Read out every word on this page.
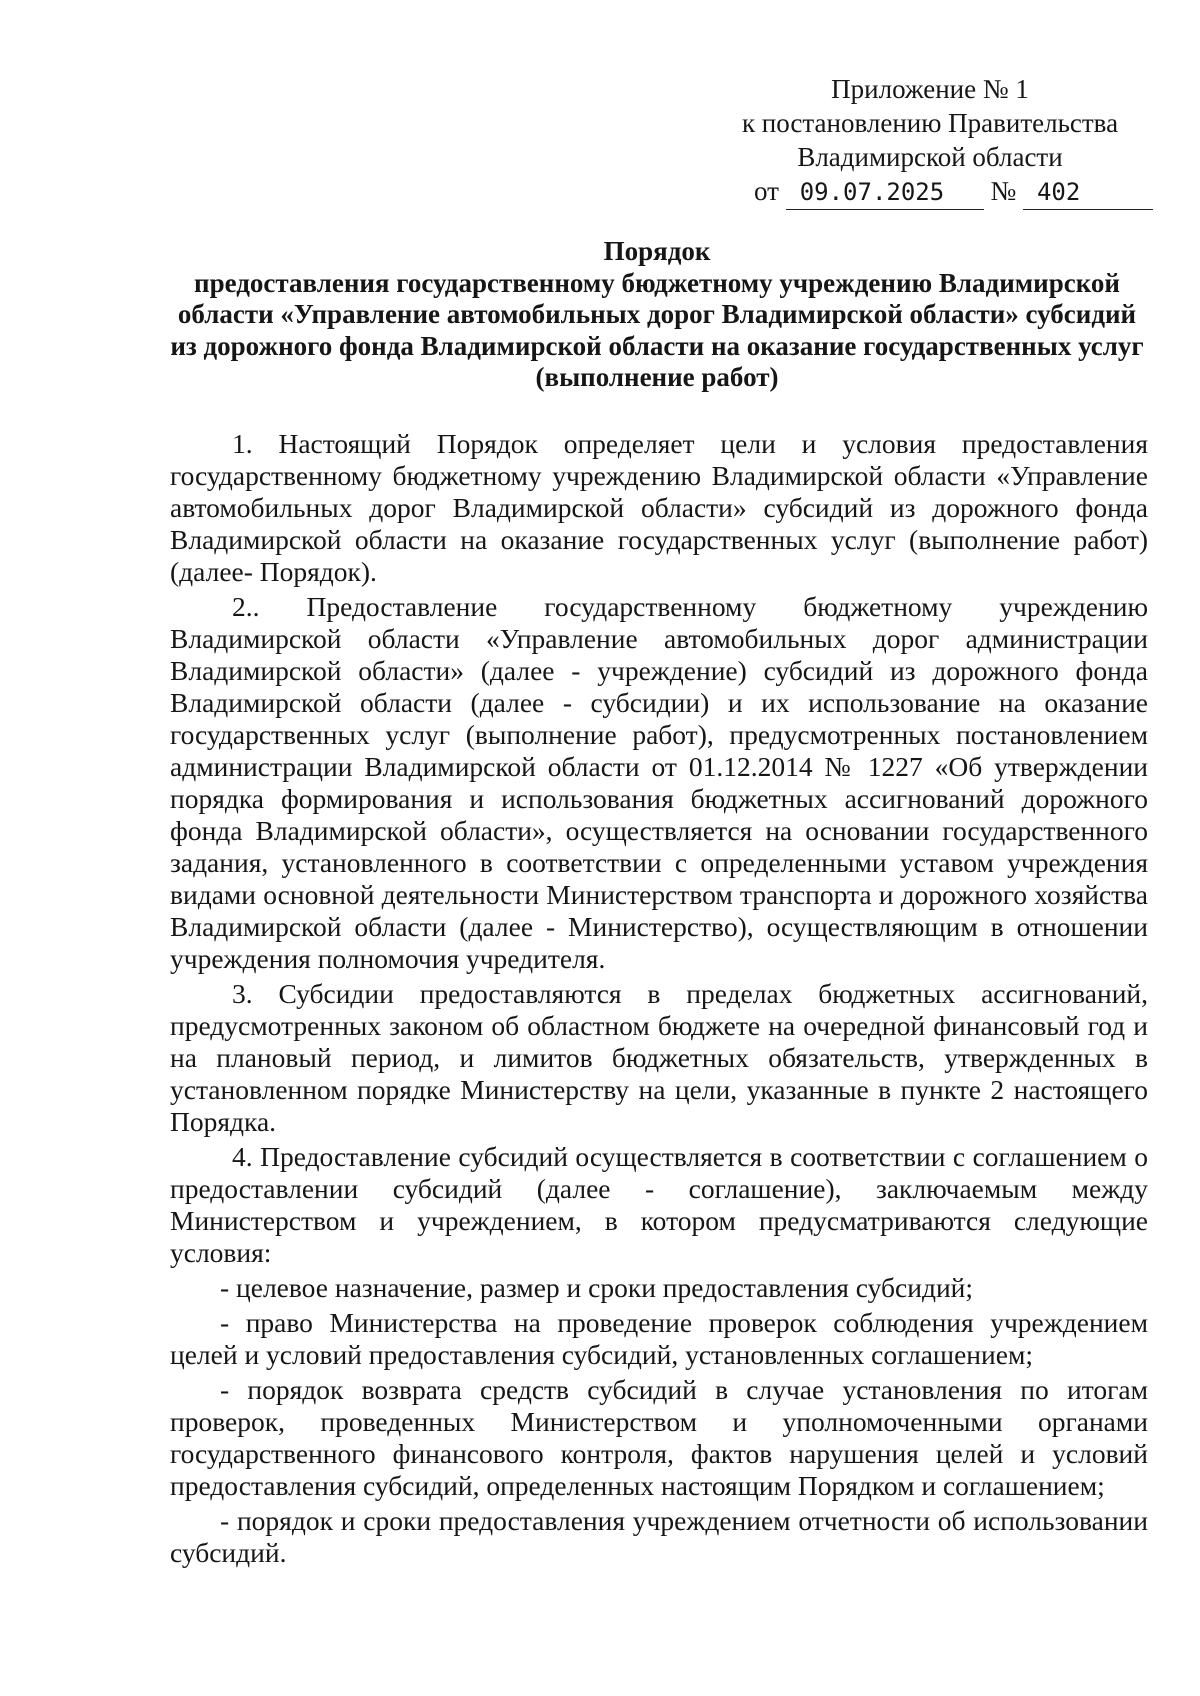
Приложение № 1
к постановлению Правительства
Владимирской области
от 09.07.2025 № 402
Порядок
предоставления государственному бюджетному учреждению Владимирской области «Управление автомобильных дорог Владимирской области» субсидий из дорожного фонда Владимирской области на оказание государственных услуг (выполнение работ)

1. Настоящий Порядок определяет цели и условия предоставления государственному бюджетному учреждению Владимирской области «Управление автомобильных дорог Владимирской области» субсидий из дорожного фонда Владимирской области на оказание государственных услуг (выполнение работ) (далее- Порядок).

2.. Предоставление государственному бюджетному учреждению Владимирской области «Управление автомобильных дорог администрации Владимирской области» (далее - учреждение) субсидий из дорожного фонда Владимирской области (далее - субсидии) и их использование на оказание государственных услуг (выполнение работ), предусмотренных постановлением администрации Владимирской области от 01.12.2014 № 1227 «Об утверждении порядка формирования и использования бюджетных ассигнований дорожного фонда Владимирской области», осуществляется на основании государственного задания, установленного в соответствии с определенными уставом учреждения видами основной деятельности Министерством транспорта и дорожного хозяйства Владимирской области (далее - Министерство), осуществляющим в отношении учреждения полномочия учредителя.

3. Субсидии предоставляются в пределах бюджетных ассигнований, предусмотренных законом об областном бюджете на очередной финансовый год и на плановый период, и лимитов бюджетных обязательств, утвержденных в установленном порядке Министерству на цели, указанные в пункте 2 настоящего Порядка.

4. Предоставление субсидий осуществляется в соответствии с соглашением о предоставлении субсидий (далее - соглашение), заключаемым между Министерством и учреждением, в котором предусматриваются следующие условия:

- целевое назначение, размер и сроки предоставления субсидий;

- право Министерства на проведение проверок соблюдения учреждением целей и условий предоставления субсидий, установленных соглашением;

- порядок возврата средств субсидий в случае установления по итогам проверок, проведенных Министерством и уполномоченными органами государственного финансового контроля, фактов нарушения целей и условий предоставления субсидий, определенных настоящим Порядком и соглашением;

- порядок и сроки предоставления учреждением отчетности об использовании субсидий.
